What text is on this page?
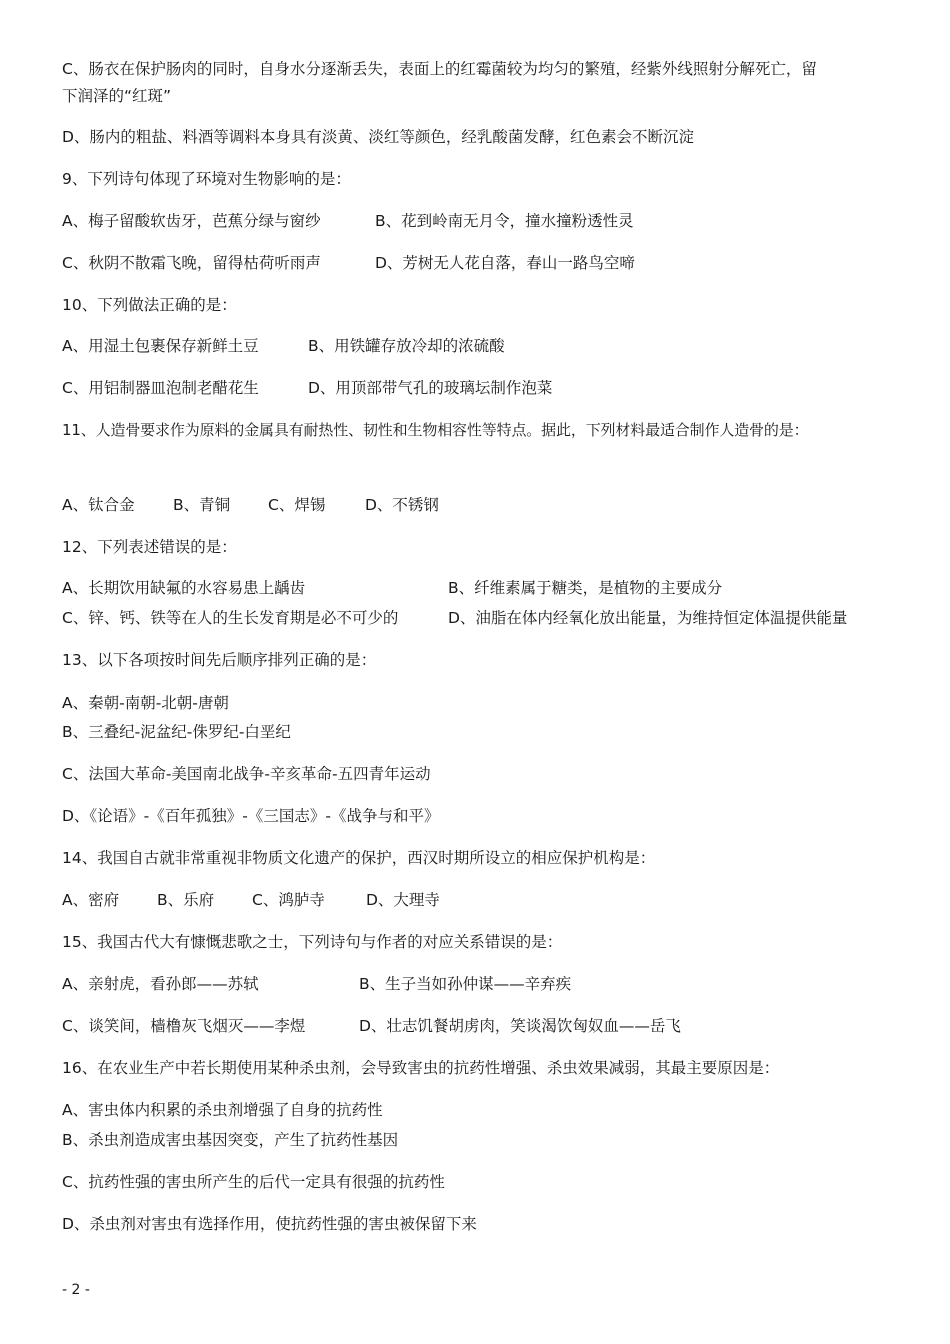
C、肠衣在保护肠肉的同时，自身水分逐渐丢失，表面上的红霉菌较为均匀的繁殖，经紫外线照射分解死亡，留
下润泽的“红斑”
D、肠内的粗盐、料酒等调料本身具有淡黄、淡红等颜色，经乳酸菌发酵，红色素会不断沉淀
9、下列诗句体现了环境对生物影响的是：
A、梅子留酸软齿牙，芭蕉分绿与窗纱	B、花到岭南无月令，撞水撞粉透性灵
C、秋阴不散霜飞晚，留得枯荷听雨声	D、芳树无人花自落，春山一路鸟空啼
10、下列做法正确的是：
A、用湿土包裹保存新鲜土豆	B、用铁罐存放冷却的浓硫酸
C、用铝制器皿泡制老醋花生	D、用顶部带气孔的玻璃坛制作泡菜
11、人造骨要求作为原料的金属具有耐热性、韧性和生物相容性等特点。据此，下列材料最适合制作人造骨的是：
A、钛合金 B、青铜 C、焊锡	D、不锈钢
12、下列表述错误的是：
A、长期饮用缺氟的水容易患上龋齿	B、纤维素属于糖类，是植物的主要成分
C、锌、钙、铁等在人的生长发育期是必不可少的	D、油脂在体内经氧化放出能量，为维持恒定体温提供能量
13、以下各项按时间先后顺序排列正确的是：
A、秦朝-南朝-北朝-唐朝
B、三叠纪-泥盆纪-侏罗纪-白垩纪
C、法国大革命-美国南北战争-辛亥革命-五四青年运动
D、《论语》-《百年孤独》-《三国志》-《战争与和平》
14、我国自古就非常重视非物质文化遗产的保护，西汉时期所设立的相应保护机构是：
A、密府 B、乐府 C、鸿胪寺	D、大理寺
15、我国古代大有慷慨悲歌之士，下列诗句与作者的对应关系错误的是：
A、亲射虎，看孙郎——苏轼	B、生子当如孙仲谋——辛弃疾
C、谈笑间，樯橹灰飞烟灭——李煜	D、壮志饥餐胡虏肉，笑谈渴饮匈奴血——岳飞
16、在农业生产中若长期使用某种杀虫剂，会导致害虫的抗药性增强、杀虫效果减弱，其最主要原因是：
A、害虫体内积累的杀虫剂增强了自身的抗药性
B、杀虫剂造成害虫基因突变，产生了抗药性基因
C、抗药性强的害虫所产生的后代一定具有很强的抗药性
D、杀虫剂对害虫有选择作用，使抗药性强的害虫被保留下来
- 2 -
